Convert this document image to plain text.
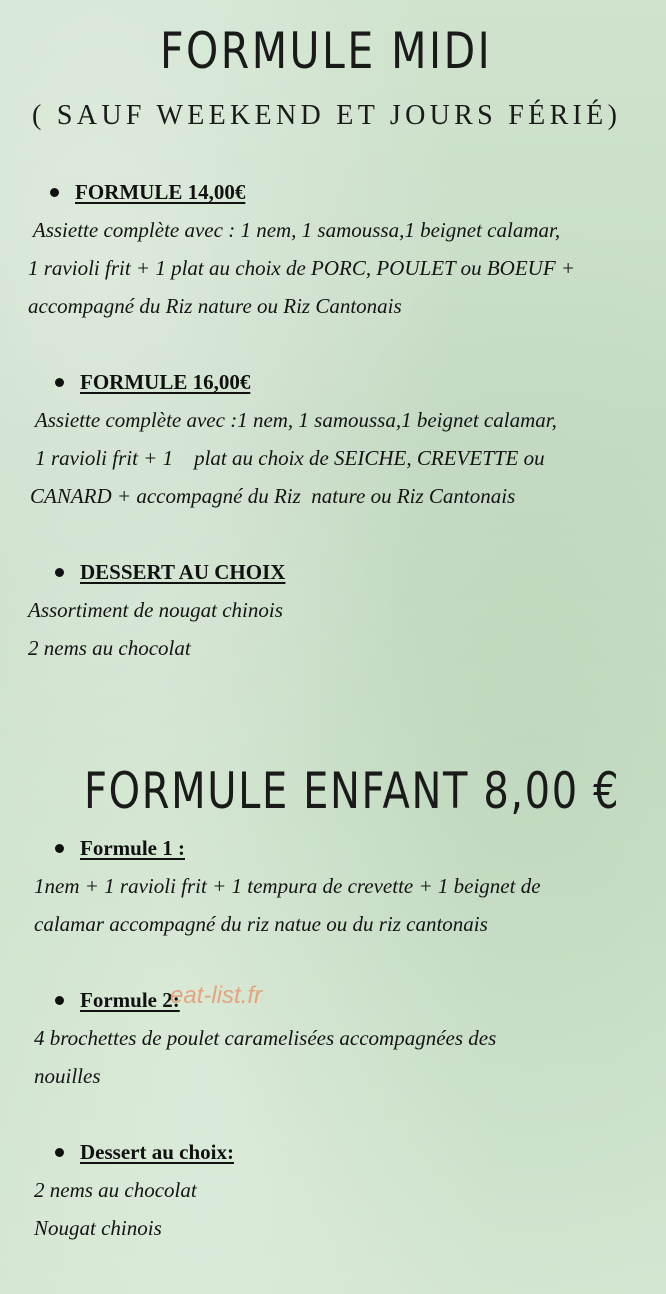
FORMULE MIDI
( SAUF WEEKEND ET JOURS FÉRIÉ)
FORMULE 14,00€
Assiette complète avec : 1 nem, 1 samoussa,1 beignet calamar,
1 ravioli frit + 1 plat au choix de PORC, POULET ou BOEUF +
accompagné du Riz nature ou Riz Cantonais
FORMULE 16,00€
Assiette complète avec :1 nem, 1 samoussa,1 beignet calamar,
1 ravioli frit + 1    plat au choix de SEICHE, CREVETTE ou
CANARD + accompagné du Riz  nature ou Riz Cantonais
DESSERT AU CHOIX
Assortiment de nougat chinois
2 nems au chocolat
FORMULE ENFANT 8,00 €
Formule 1 :
1nem + 1 ravioli frit + 1 tempura de crevette + 1 beignet de
calamar accompagné du riz natue ou du riz cantonais
Formule 2:
4 brochettes de poulet caramelisées accompagnées des
nouilles
Dessert au choix:
2 nems au chocolat
Nougat chinois
eat-list.fr
